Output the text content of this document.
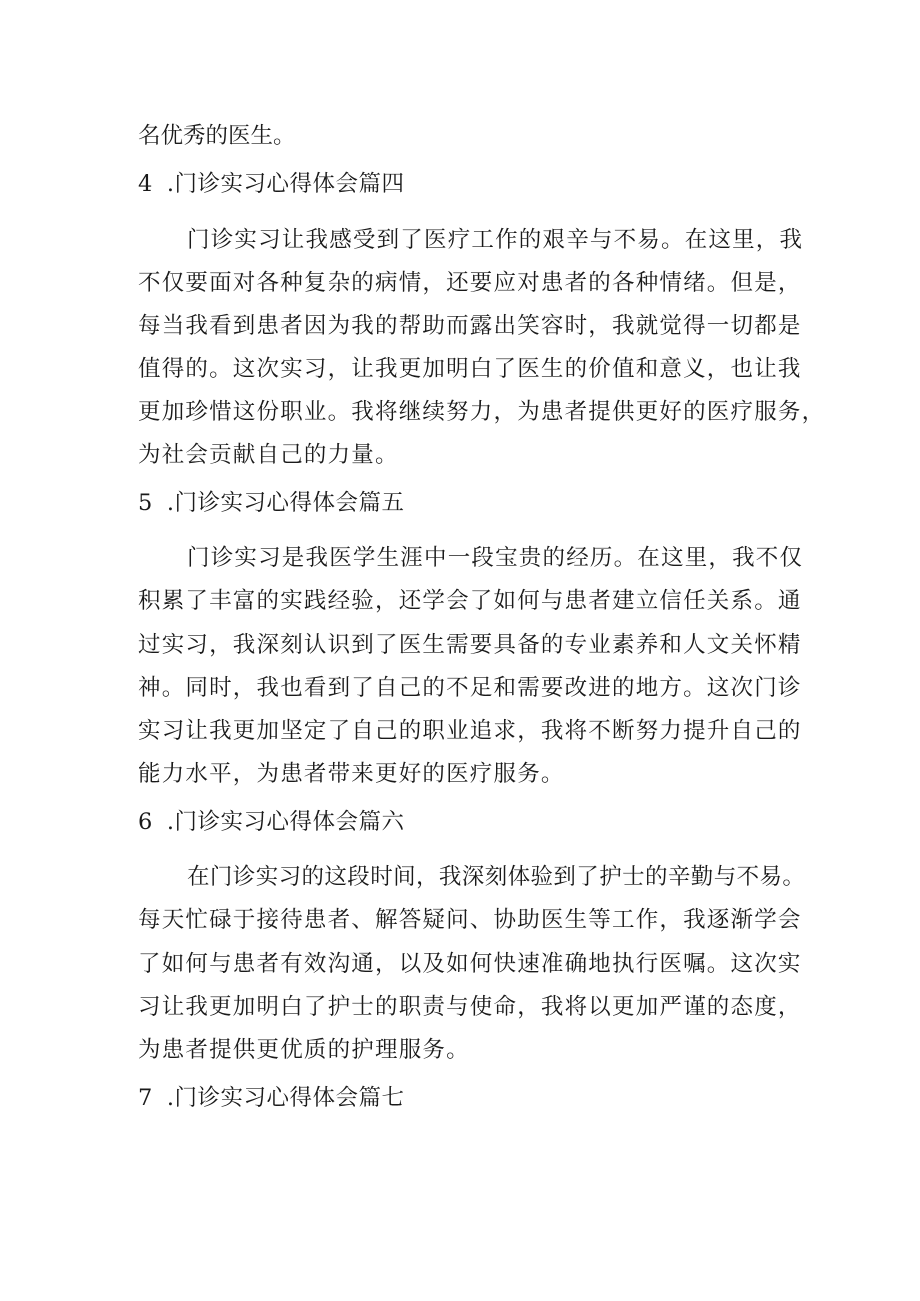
名优秀的医生。
4 .门诊实习心得体会篇四
门诊实习让我感受到了医疗工作的艰辛与不易。在这里，我
不仅要面对各种复杂的病情，还要应对患者的各种情绪。但是，
每当我看到患者因为我的帮助而露出笑容时，我就觉得一切都是
值得的。这次实习，让我更加明白了医生的价值和意义，也让我
更加珍惜这份职业。我将继续努力，为患者提供更好的医疗服务，
为社会贡献自己的力量。
5 .门诊实习心得体会篇五
门诊实习是我医学生涯中一段宝贵的经历。在这里，我不仅
积累了丰富的实践经验，还学会了如何与患者建立信任关系。通
过实习，我深刻认识到了医生需要具备的专业素养和人文关怀精
神。同时，我也看到了自己的不足和需要改进的地方。这次门诊
实习让我更加坚定了自己的职业追求，我将不断努力提升自己的
能力水平，为患者带来更好的医疗服务。
6 .门诊实习心得体会篇六
在门诊实习的这段时间，我深刻体验到了护士的辛勤与不易。
每天忙碌于接待患者、解答疑问、协助医生等工作，我逐渐学会
了如何与患者有效沟通，以及如何快速准确地执行医嘱。这次实
习让我更加明白了护士的职责与使命，我将以更加严谨的态度，
为患者提供更优质的护理服务。
7 .门诊实习心得体会篇七
